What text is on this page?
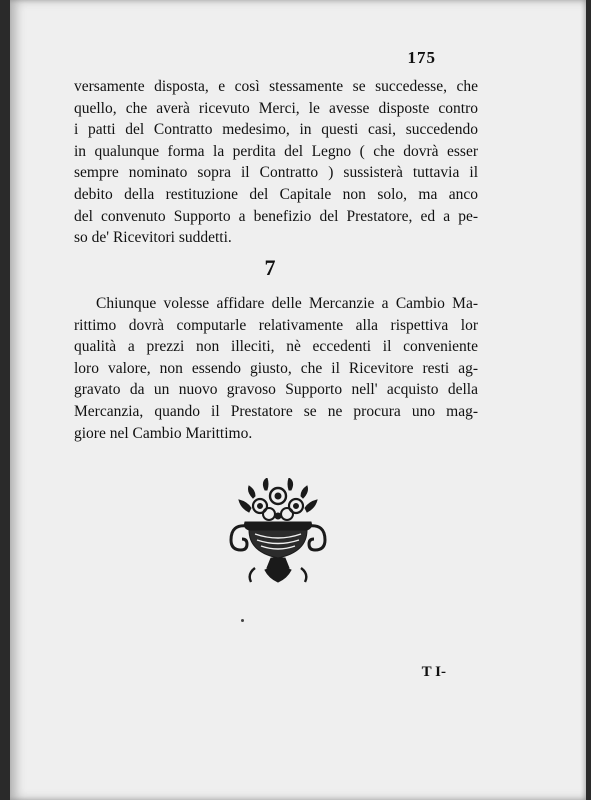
175
versamente disposta, e così stessamente se succedesse, che
quello, che averà ricevuto Merci, le avesse disposte contro
i patti del Contratto medesimo, in questi casi, succedendo
in qualunque forma la perdita del Legno ( che dovrà esser
sempre nominato sopra il Contratto ) sussisterà tuttavia il
debito della restituzione del Capitale non solo, ma anco
del convenuto Supporto a benefizio del Prestatore, ed a pe-
so de' Ricevitori suddetti.
7
Chiunque volesse affidare delle Mercanzie a Cambio Ma-
rittimo dovrà computarle relativamente alla rispettiva lor
qualità a prezzi non illeciti, nè eccedenti il conveniente
loro valore, non essendo giusto, che il Ricevitore resti ag-
gravato da un nuovo gravoso Supporto nell' acquisto della
Mercanzia, quando il Prestatore se ne procura uno mag-
giore nel Cambio Marittimo.
T I-
